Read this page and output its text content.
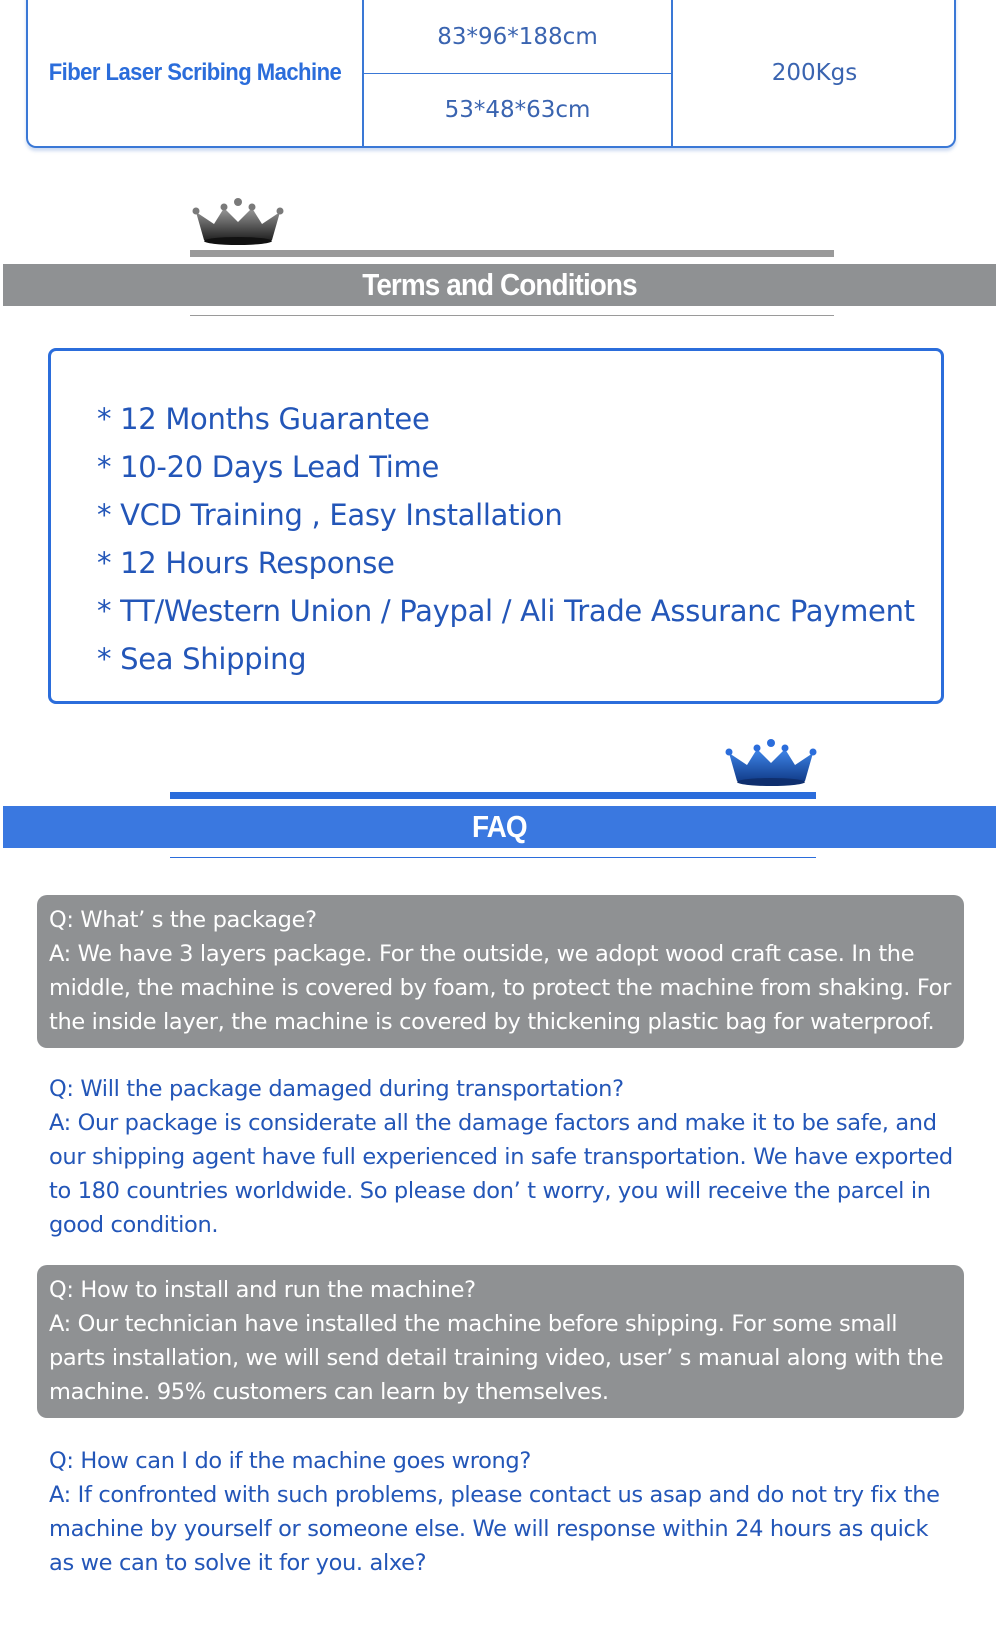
Fiber Laser Scribing Machine
83*96*188cm
53*48*63cm
200Kgs
Terms and Conditions
* 12 Months Guarantee
* 10-20 Days Lead Time
* VCD Training , Easy Installation
* 12 Hours Response
* TT/Western Union / Paypal / Ali Trade Assuranc Payment
* Sea Shipping
FAQ

Q: What’ s the package?

A: We have 3 layers package. For the outside, we adopt wood craft case. In the middle, the machine is covered by foam, to protect the machine from shaking. For the inside layer, the machine is covered by thickening plastic bag for waterproof.

Q: Will the package damaged during transportation?

A: Our package is considerate all the damage factors and make it to be safe, and our shipping agent have full experienced in safe transportation. We have exported to 180 countries worldwide. So please don’ t worry, you will receive the parcel in good condition.

Q: How to install and run the machine?

A: Our technician have installed the machine before shipping. For some small parts installation, we will send detail training video, user’ s manual along with the machine. 95% customers can learn by themselves.

Q: How can I do if the machine goes wrong?

A: If confronted with such problems, please contact us asap and do not try fix the machine by yourself or someone else. We will response within 24 hours as quick as we can to solve it for you. alxe?
